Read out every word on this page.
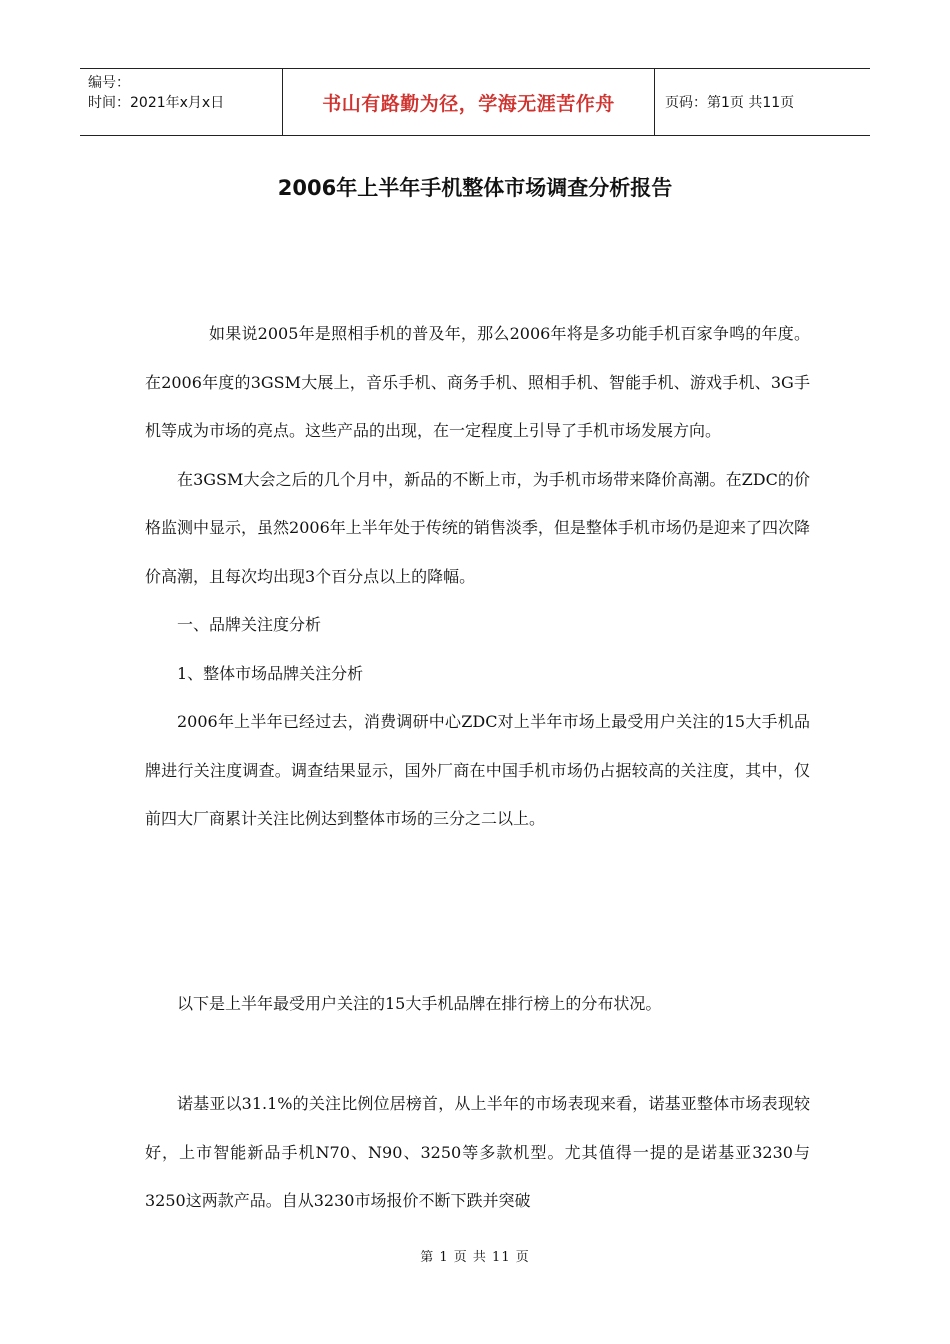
编号：
时间：2021年x月x日	书山有路勤为径，学海无涯苦作舟	页码：第1页 共11页
2006年上半年手机整体市场调查分析报告

如果说2005年是照相手机的普及年，那么2006年将是多功能手机百家争鸣的年度。在2006年度的3GSM大展上，音乐手机、商务手机、照相手机、智能手机、游戏手机、3G手机等成为市场的亮点。这些产品的出现，在一定程度上引导了手机市场发展方向。

在3GSM大会之后的几个月中，新品的不断上市，为手机市场带来降价高潮。在ZDC的价格监测中显示，虽然2006年上半年处于传统的销售淡季，但是整体手机市场仍是迎来了四次降价高潮，且每次均出现3个百分点以上的降幅。

一、品牌关注度分析

1、整体市场品牌关注分析

2006年上半年已经过去，消费调研中心ZDC对上半年市场上最受用户关注的15大手机品牌进行关注度调查。调查结果显示，国外厂商在中国手机市场仍占据较高的关注度，其中，仅前四大厂商累计关注比例达到整体市场的三分之二以上。

以下是上半年最受用户关注的15大手机品牌在排行榜上的分布状况。

诺基亚以31.1%的关注比例位居榜首，从上半年的市场表现来看，诺基亚整体市场表现较好，上市智能新品手机N70、N90、3250等多款机型。尤其值得一提的是诺基亚3230与3250这两款产品。自从3230市场报价不断下跌并突破

第 1 页 共 11 页
